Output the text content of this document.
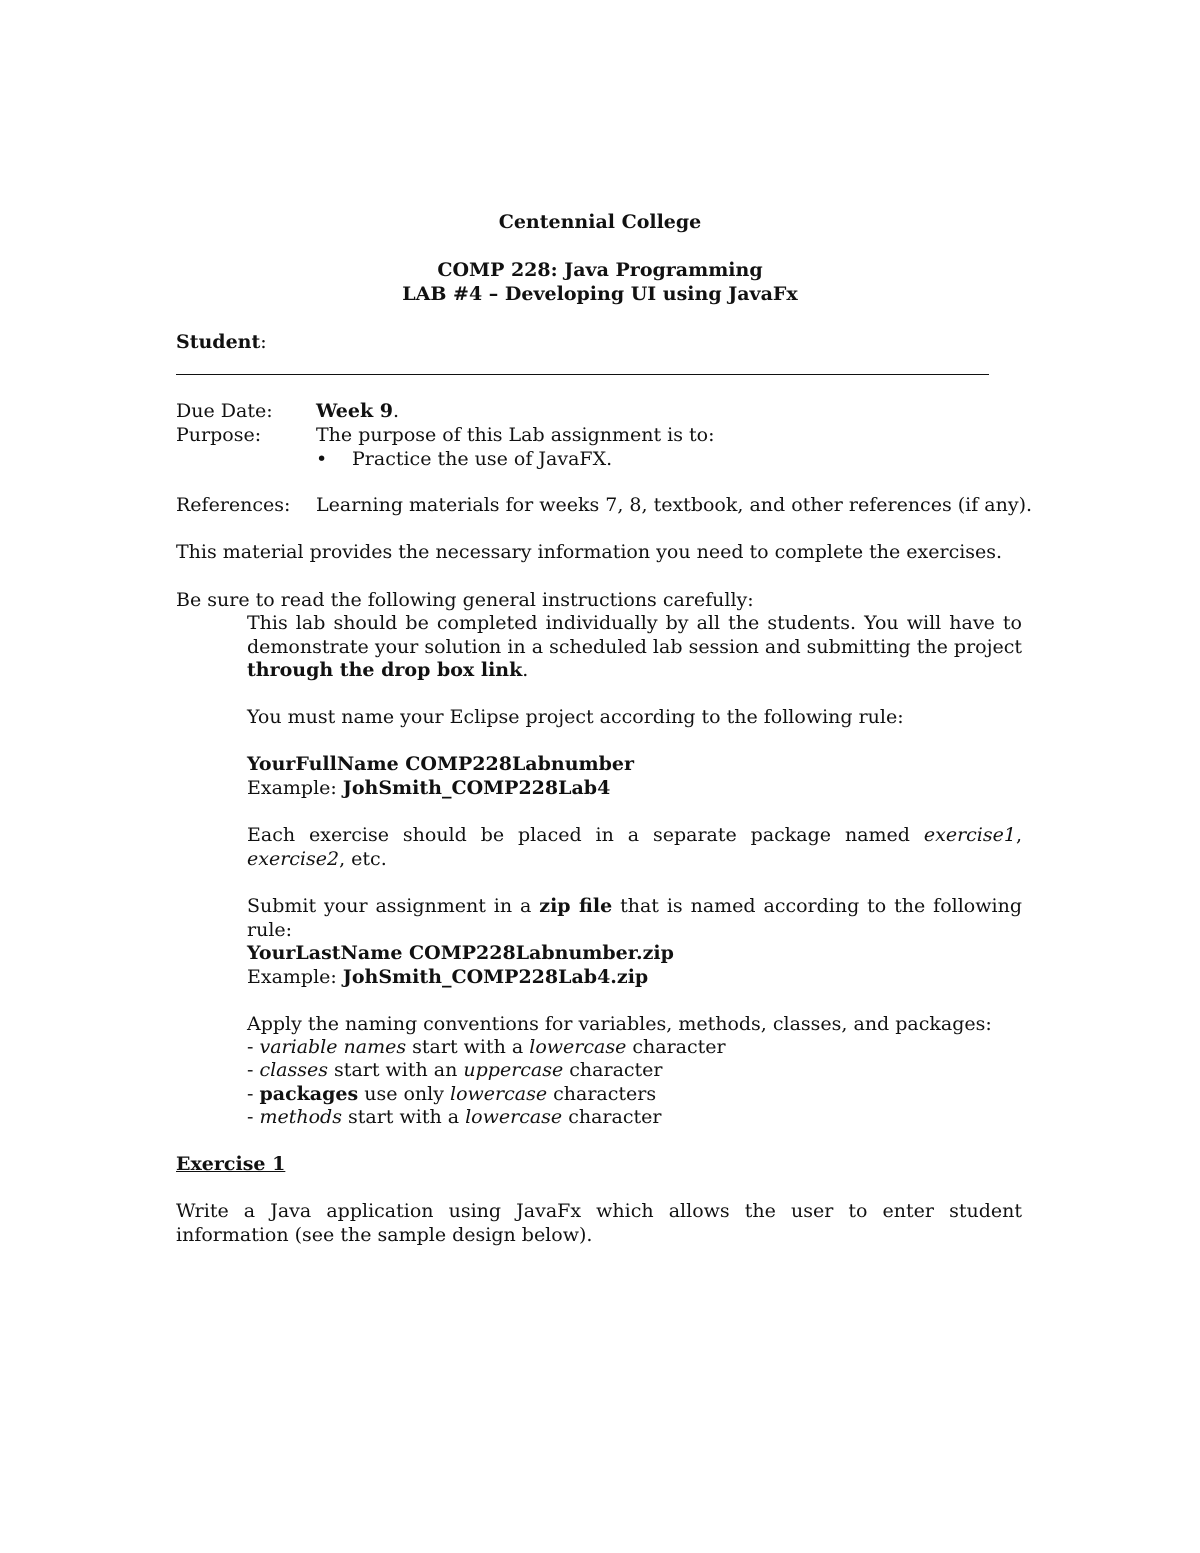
Centennial College
COMP 228: Java Programming
LAB #4 – Developing UI using JavaFx
Student:
Due Date: Week 9.
Purpose:	The purpose of this Lab assignment is to:
• Practice the use of JavaFX.
References: Learning materials for weeks 7, 8, textbook, and other references (if any).
This material provides the necessary information you need to complete the exercises.
Be sure to read the following general instructions carefully:
This lab should be completed individually by all the students. You will have to demonstrate your solution in a scheduled lab session and submitting the project through the drop box link.
You must name your Eclipse project according to the following rule:
YourFullName COMP228Labnumber
Example: JohSmith_COMP228Lab4
Each exercise should be placed in a separate package named exercise1, exercise2, etc.
Submit your assignment in a zip file that is named according to the following rule:
YourLastName COMP228Labnumber.zip
Example: JohSmith_COMP228Lab4.zip
Apply the naming conventions for variables, methods, classes, and packages:
- variable names start with a lowercase character
- classes start with an uppercase character
- packages use only lowercase characters
- methods start with a lowercase character
Exercise 1
Write a Java application using JavaFx which allows the user to enter student information (see the sample design below).
